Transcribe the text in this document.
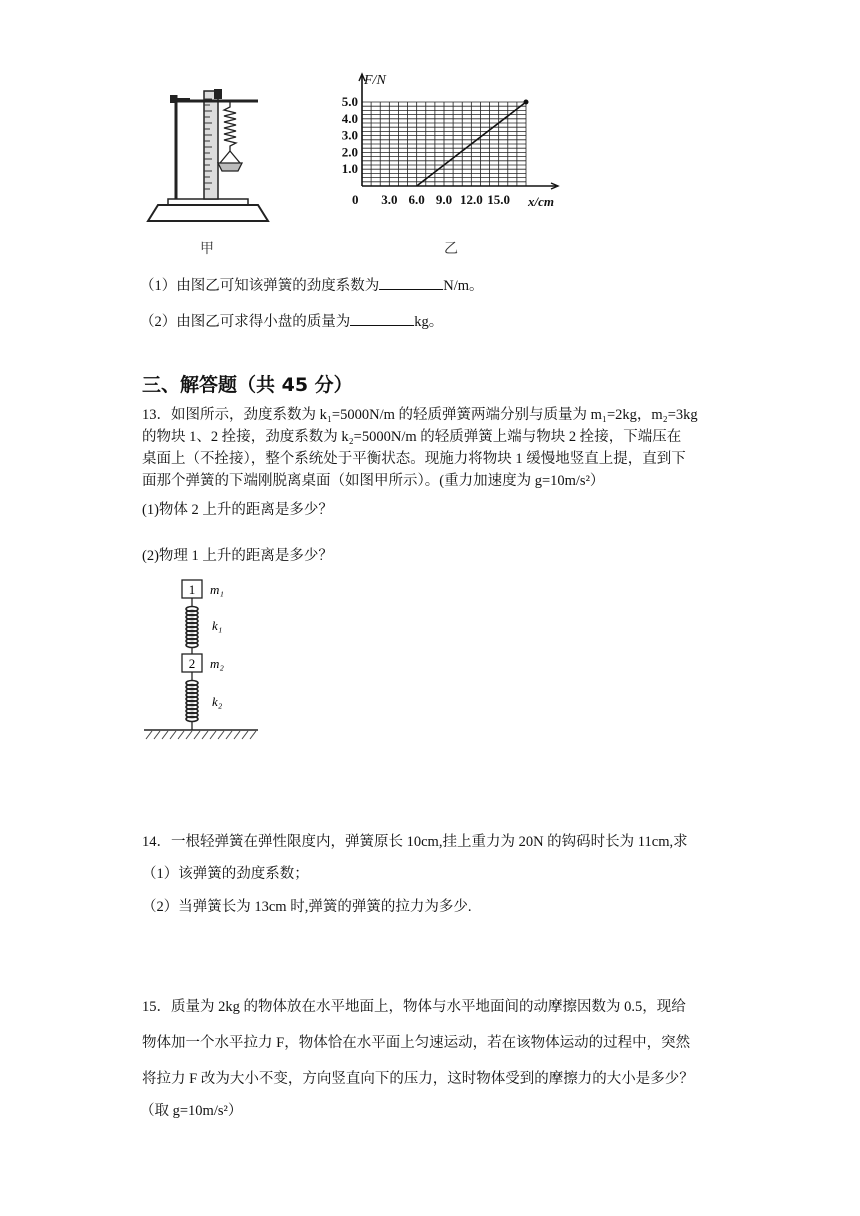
甲
0 3.0 6.0 9.0 12.0 15.0
1.0
2.0
3.0
4.0
5.0
F/N
x/cm
乙
（1）由图乙可知该弹簧的劲度系数为	N/m。
（2）由图乙可求得小盘的质量为	kg。
三、解答题（共 45 分）
13．如图所示，劲度系数为 k₁=5000N/m 的轻质弹簧两端分别与质量为 m₁=2kg，m₂=3kg
的物块 1、2 拴接，劲度系数为 k₂=5000N/m 的轻质弹簧上端与物块 2 拴接，下端压在
桌面上（不拴接），整个系统处于平衡状态。现施力将物块 1 缓慢地竖直上提，直到下
面那个弹簧的下端刚脱离桌面（如图甲所示）。(重力加速度为 g=10m/s²）
(1)物体 2 上升的距离是多少？
(2)物理 1 上升的距离是多少？
1 m₁
k₁
2 m₂
k₂
14．一根轻弹簧在弹性限度内，弹簧原长 10cm,挂上重力为 20N 的钩码时长为 11cm,求
（1）该弹簧的劲度系数；
（2）当弹簧长为 13cm 时,弹簧的弹簧的拉力为多少.
15．质量为 2kg 的物体放在水平地面上，物体与水平地面间的动摩擦因数为 0.5，现给
物体加一个水平拉力 F，物体恰在水平面上匀速运动，若在该物体运动的过程中，突然
将拉力 F 改为大小不变，方向竖直向下的压力，这时物体受到的摩擦力的大小是多少？
（取 g=10m/s²）
